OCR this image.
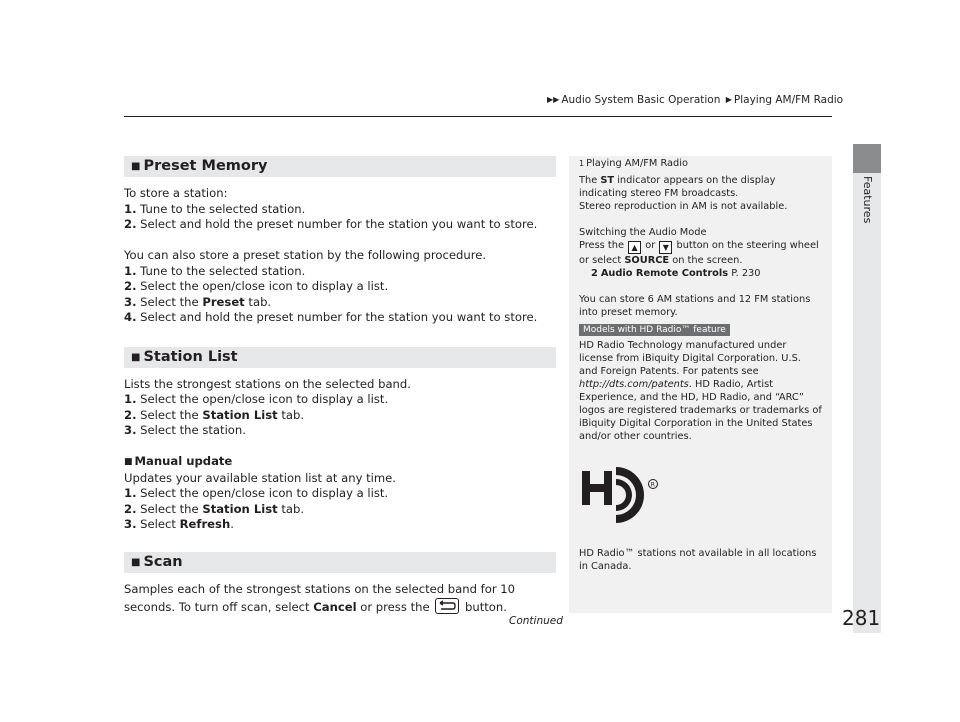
▶▶ Audio System Basic Operation ▶ Playing AM/FM Radio
Features
■ Preset Memory

To store a station:

1. Tune to the selected station.

2. Select and hold the preset number for the station you want to store.

You can also store a preset station by the following procedure.

1. Tune to the selected station.

2. Select the open/close icon to display a list.

3. Select the Preset tab.

4. Select and hold the preset number for the station you want to store.

■ Station List

Lists the strongest stations on the selected band.

1. Select the open/close icon to display a list.

2. Select the Station List tab.

3. Select the station.

■ Manual update

Updates your available station list at any time.

1. Select the open/close icon to display a list.

2. Select the Station List tab.

3. Select Refresh.

■ Scan

Samples each of the strongest stations on the selected band for 10 seconds. To turn off scan, select Cancel or press the
button.

1 Playing AM/FM Radio

The ST indicator appears on the display indicating stereo FM broadcasts.

Stereo reproduction in AM is not available.

Switching the Audio Mode

Press the ▲ or ▼ button on the steering wheel or select SOURCE on the screen.

2 Audio Remote Controls P. 230

You can store 6 AM stations and 12 FM stations into preset memory.

Models with HD Radio™ feature

HD Radio Technology manufactured under license from iBiquity Digital Corporation. U.S. and Foreign Patents. For patents see http://dts.com/patents. HD Radio, Artist Experience, and the HD, HD Radio, and “ARC” logos are registered trademarks or trademarks of iBiquity Digital Corporation in the United States and/or other countries.

HD Radio™ stations not available in all locations in Canada.

R
HD
Continued	281
